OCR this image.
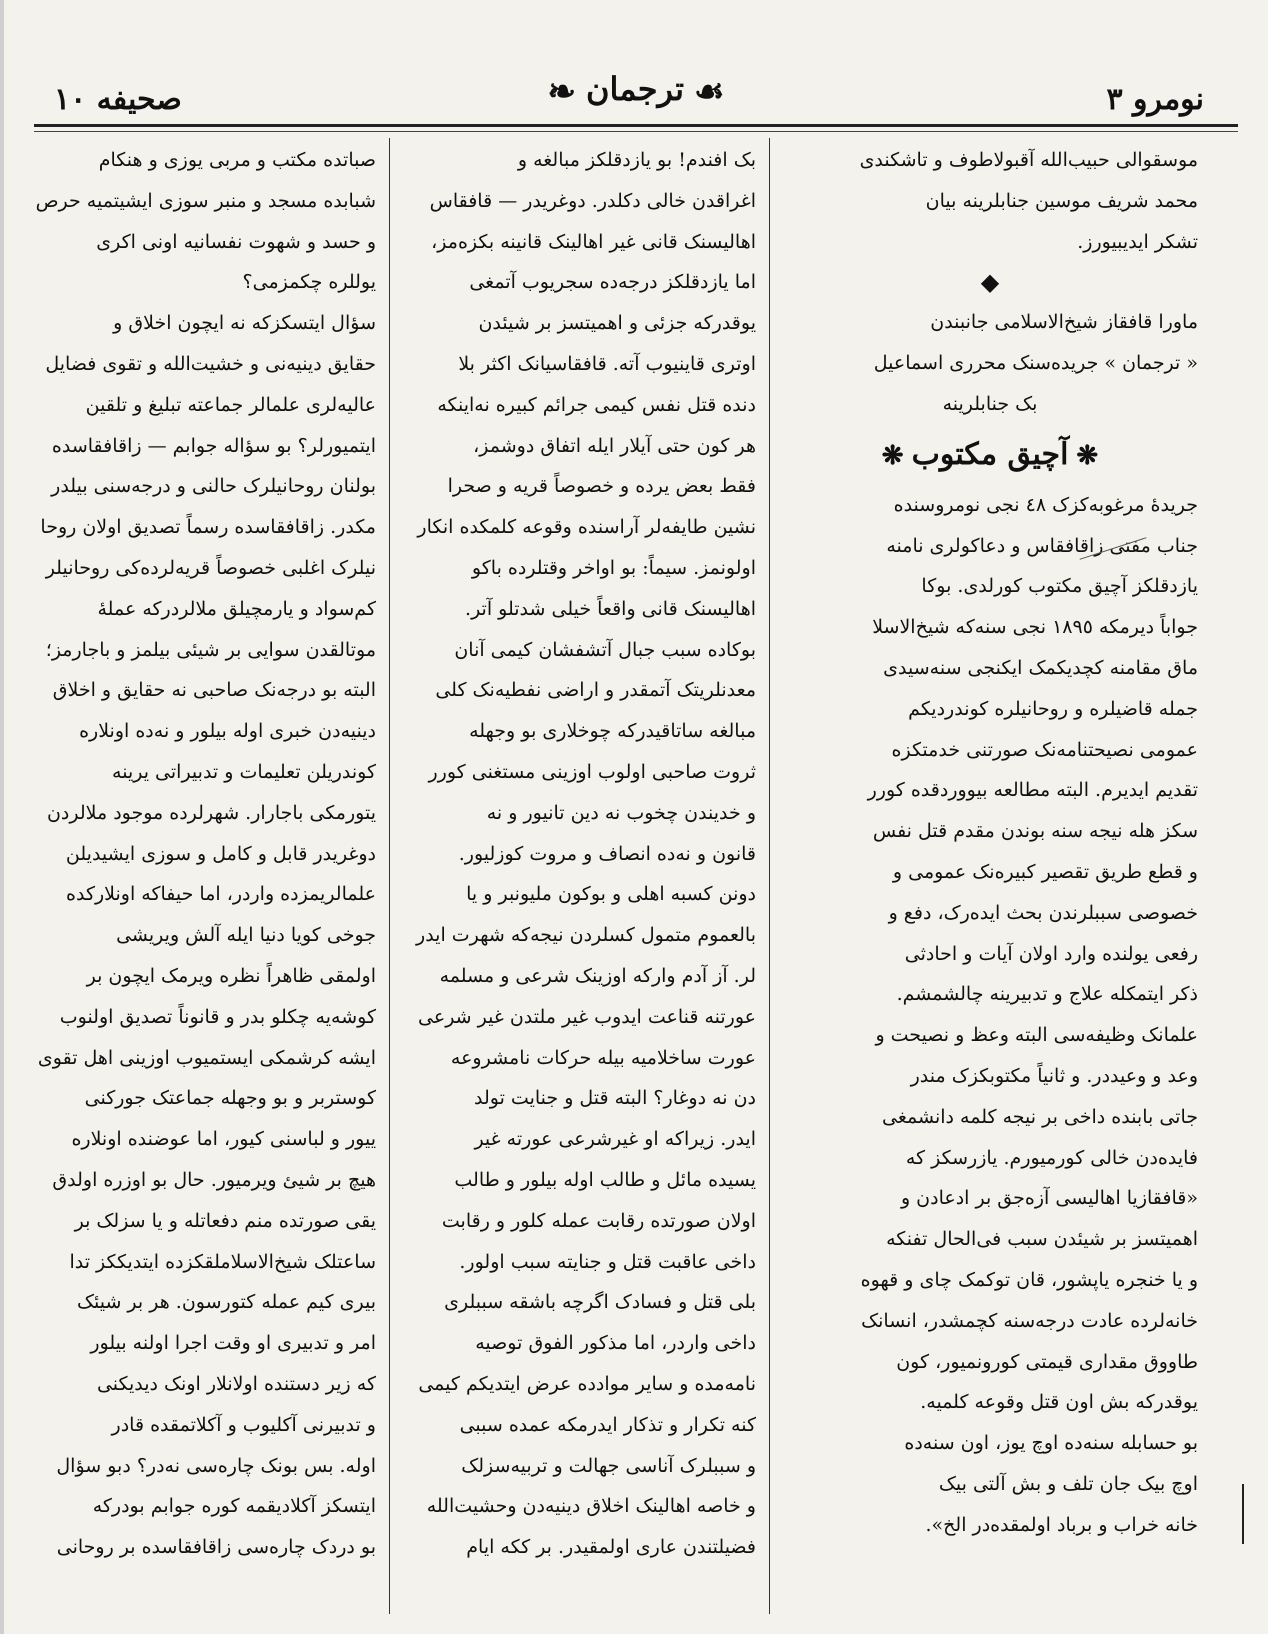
نومرو ٣
☙ترجمان❧
صحيفه ١٠
موسقوالی حبیب‌الله آقبولاطوف و تاشکندی
محمد شریف موسین جنابلرینه بیان
تشکر ایدیبیورز.
◆
ماورا قافقاز شیخ‌الاسلامی جانبندن
« ترجمان » جریده‌سنک محرری اسماعیل
بک جنابلرینه
❋آچیق مکتوب❋
جریدهٔ مرغوبه‌کزک ٤٨ نجی نومروسنده
جناب مفتی زاقافقاس و دعاکولری نامنه
یازدقلکز آچیق مکتوب کورلدی. بوکا
جواباً دیرمکه ١٨٩٥ نجی سنه‌که شیخ‌الاسلا
ماق مقامنه کچدیکمک ایکنجی سنه‌سیدی
جمله قاضیلره و روحانیلره کوندردیکم
عمومی نصیحتنامه‌نک صورتنی خدمتکزه
تقدیم ایدیرم. البته مطالعه بیووردقده کورر
سکز هله نیجه سنه بوندن مقدم قتل نفس
و قطع طریق تقصیر کبیره‌نک عمومی و
خصوصی سببلرندن بحث ایده‌رک، دفع و
رفعی یولنده وارد اولان آیات و احادثی
ذکر ایتمکله علاج و تدبیرینه چالشمشم.
علمانک وظیفه‌سی البته وعظ و نصیحت و
وعد و وعیددر. و ثانیاً مکتوبکزک مندر
جاتی بابنده داخی بر نیجه کلمه دانشمغی
فایده‌دن خالی کورمیورم. یازرسکز که
«قافقازیا اهالیسی آزه‌جق بر ادعادن و
اهمیتسز بر شیئدن سبب فی‌الحال تفنکه
و یا خنجره یاپشور، قان توکمک چای و قهوه
خانه‌لرده عادت درجه‌سنه کچمشدر، انسانک
طاووق مقداری قیمتی کورونمیور، کون
یوقدرکه بش اون قتل وقوعه کلمیه.
بو حسابله سنه‌ده اوچ یوز، اون سنه‌ده
اوچ بیک جان تلف و بش آلتی بیک
خانه خراب و برباد اولمقده‌در الخ».
بک افندم! بو یازدقلکز مبالغه و
اغراقدن خالی دکلدر. دوغریدر — قافقاس
اهالیسنک قانی غیر اهالینک قانینه بکزه‌مز،
اما یازدقلکز درجه‌ده سجریوب آتمغی
یوقدرکه جزئی و اهمیتسز بر شیئدن
اوتری قاینیوب آته. قافقاسیانک اکثر بلا
دنده قتل نفس کیمی جرائم کبیره نه‌اینکه
هر کون حتی آیلار ایله اتفاق دوشمز،
فقط بعض یرده و خصوصاً قریه و صحرا
نشین طایفه‌لر آراسنده وقوعه کلمکده انکار
اولونمز. سیماً: بو اواخر وقتلرده باکو
اهالیسنک قانی واقعاً خیلی شدتلو آتر.
بوکاده سبب جبال آتشفشان کیمی آنان
معدنلریتک آتمقدر و اراضی نفطیه‌نک کلی
مبالغه ساتاقیدرکه چوخلاری بو وجهله
ثروت صاحبی اولوب اوزینی مستغنی کورر
و خدیندن چخوب نه دین تانیور و نه
قانون و نه‌ده انصاف و مروت کوزلیور.
دونن کسبه اهلی و بوکون ملیونبر و یا
بالعموم متمول کسلردن نیجه‌که شهرت ایدر
لر. آز آدم وارکه اوزینک شرعی و مسلمه
عورتنه قناعت ایدوب غیر ملتدن غیر شرعی
عورت ساخلامیه بیله حرکات نامشروعه
دن نه دوغار؟ البته قتل و جنایت تولد
ایدر. زیراکه او غیرشرعی عورته غیر
یسیده مائل و طالب اوله بیلور و طالب
اولان صورتده رقابت عمله کلور و رقابت
داخی عاقبت قتل و جنایته سبب اولور.
بلی قتل و فسادک اگرچه باشقه سببلری
داخی واردر، اما مذکور الفوق توصیه
نامه‌مده و سایر موادده عرض ایتدیکم کیمی
کنه تکرار و تذکار ایدرمکه عمده سببی
و سببلرک آناسی جهالت و تربیه‌سزلک
و خاصه اهالینک اخلاق دینیه‌دن وحشیت‌الله
فضیلتندن عاری اولمقیدر. بر ککه ایام
صباتده مکتب و مربی یوزی و هنکام
شبابده مسجد و منبر سوزی ایشیتمیه حرص
و حسد و شهوت نفسانیه اونی اکری
یوللره چکمزمی؟
سؤال ایتسکزکه نه ایچون اخلاق و
حقایق دینیه‌نی و خشیت‌الله و تقوی فضایل
عالیه‌لری علمالر جماعته تبلیغ و تلقین
ایتمیورلر؟ بو سؤاله جوابم — زاقافقاسده
بولنان روحانیلرک حالنی و درجه‌سنی بیلدر
مکدر. زاقافقاسده رسماً تصدیق اولان روحا
نیلرک اغلبی خصوصاً قریه‌لرده‌کی روحانیلر
کم‌سواد و یارمچیلق ملالردرکه عملهٔ
موتالقدن سوایی بر شیئی بیلمز و باجارمز؛
البته بو درجه‌نک صاحبی نه حقایق و اخلاق
دینیه‌دن خبری اوله بیلور و نه‌ده اونلاره
کوندریلن تعلیمات و تدبیراتی یرینه
یتورمکی باجارار. شهرلرده موجود ملالردن
دوغریدر قابل و کامل و سوزی ایشیدیلن
علمالریمزده واردر، اما حیفاکه اونلارکده
جوخی کویا دنیا ایله آلش ویریشی
اولمقی ظاهراً نظره ویرمک ایچون بر
کوشه‌یه چکلو بدر و قانوناً تصدیق اولنوب
ایشه کرشمکی ایستمیوب اوزینی اهل تقوی
کوستربر و بو وجهله جماعتک جورکنی
ییور و لباسنی کیور، اما عوضنده اونلاره
هیچ بر شیئ ویرمیور. حال بو اوزره اولدق
یقی صورتده منم دفعاتله و یا سزلک بر
ساعتلک شیخ‌الاسلاملقکزده ایتدیککز تدا
بیری کیم عمله کتورسون. هر بر شیئک
امر و تدبیری او وقت اجرا اولنه بیلور
که زیر دستنده اولانلار اونک دیدیکنی
و تدبیرنی آکلیوب و آکلاتمقده قادر
اوله. بس بونک چاره‌سی نه‌در؟ دبو سؤال
ایتسکز آکلادیقمه کوره جوابم بودرکه
بو دردک چاره‌سی زاقافقاسده بر روحانی
